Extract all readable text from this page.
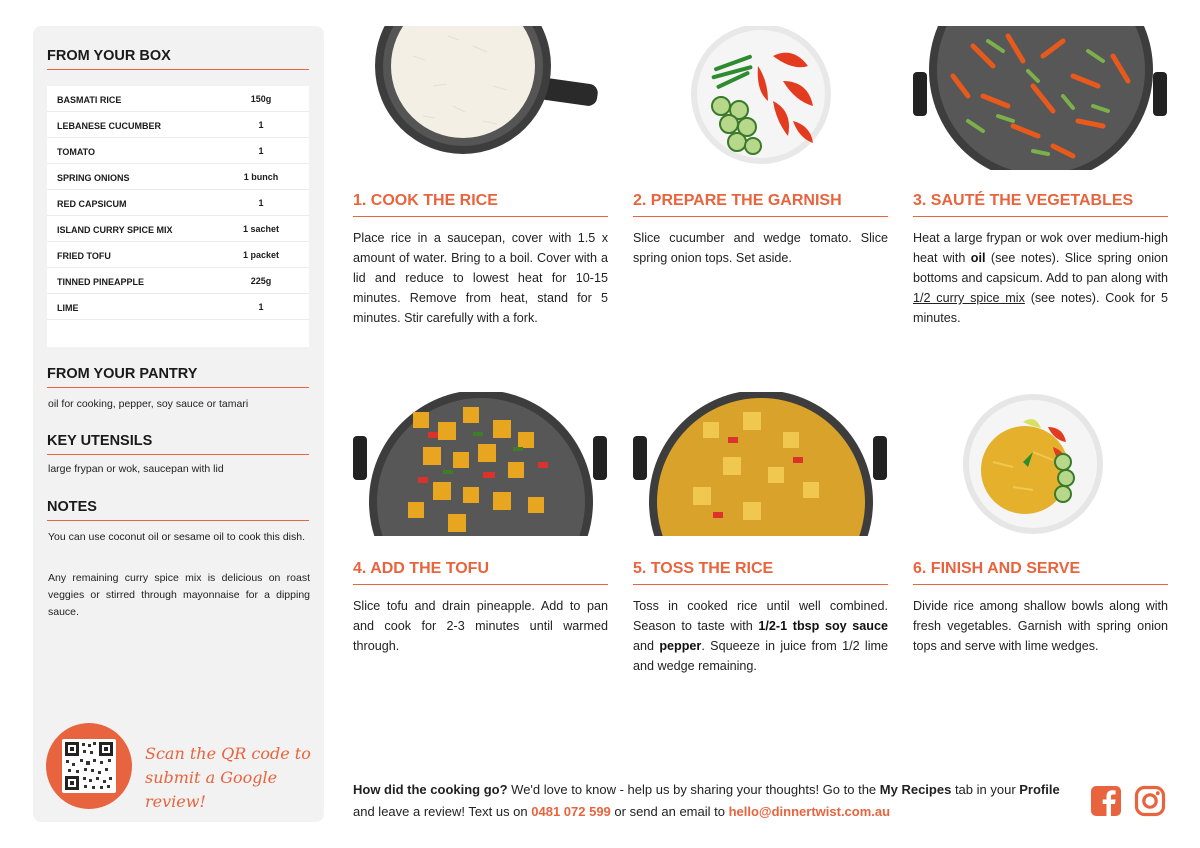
FROM YOUR BOX
BASMATI RICE	150g
LEBANESE CUCUMBER	1
TOMATO	1
SPRING ONIONS	1 bunch
RED CAPSICUM	1
ISLAND CURRY SPICE MIX	1 sachet
FRIED TOFU	1 packet
TINNED PINEAPPLE	225g
LIME	1
FROM YOUR PANTRY
oil for cooking, pepper, soy sauce or tamari
KEY UTENSILS
large frypan or wok, saucepan with lid
NOTES
You can use coconut oil or sesame oil to cook this dish.
Any remaining curry spice mix is delicious on roast veggies or stirred through mayonnaise for a dipping sauce.
Scan the QR code to
submit a Google review!
1. COOK THE RICE	2. PREPARE THE GARNISH	3. SAUTÉ THE VEGETABLES
4. ADD THE TOFU	5. TOSS THE RICE	6. FINISH AND SERVE
Place rice in a saucepan, cover with 1.5 x amount of water. Bring to a boil. Cover with a lid and reduce to lowest heat for 10-15 minutes. Remove from heat, stand for 5 minutes. Stir carefully with a fork.
Slice cucumber and wedge tomato. Slice spring onion tops. Set aside.
Heat a large frypan or wok over medium-high heat with oil (see notes). Slice spring onion bottoms and capsicum. Add to pan along with 1/2 curry spice mix (see notes). Cook for 5 minutes.
Slice tofu and drain pineapple. Add to pan and cook for 2-3 minutes until warmed through.
Toss in cooked rice until well combined. Season to taste with 1/2-1 tbsp soy sauce and pepper. Squeeze in juice from 1/2 lime and wedge remaining.
Divide rice among shallow bowls along with fresh vegetables. Garnish with spring onion tops and serve with lime wedges.
How did the cooking go? We'd love to know - help us by sharing your thoughts! Go to the My Recipes tab in your Profile and leave a review! Text us on 0481 072 599 or send an email to hello@dinnertwist.com.au
